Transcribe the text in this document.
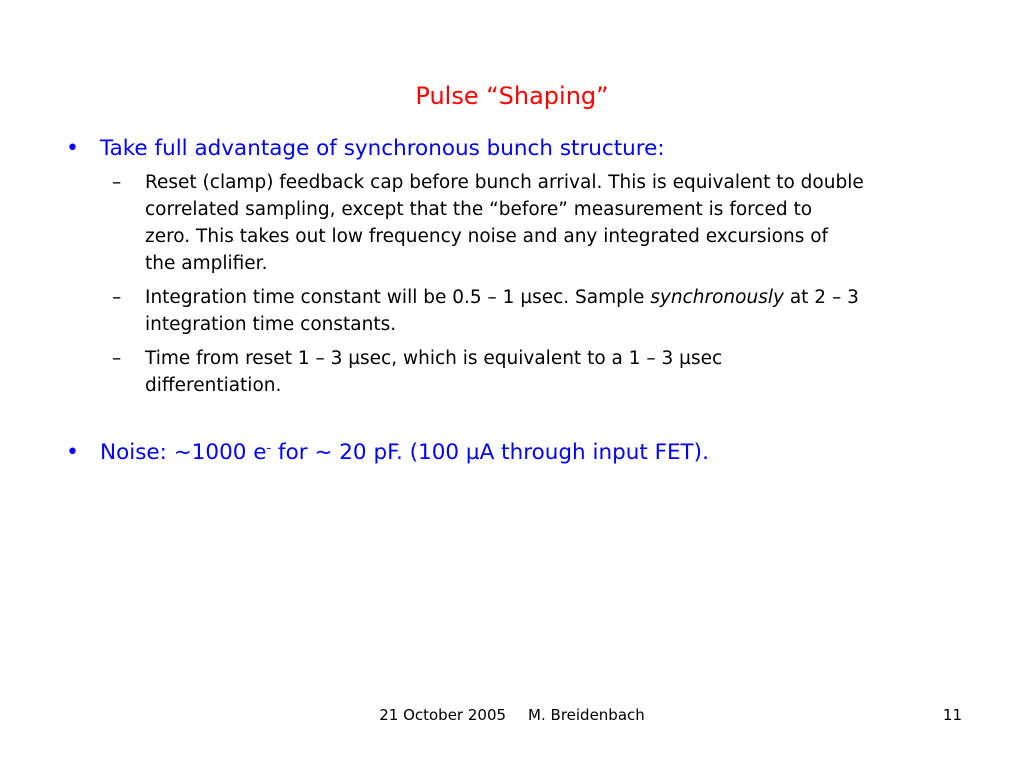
Pulse “Shaping”
• Take full advantage of synchronous bunch structure:
– Reset (clamp) feedback cap before bunch arrival. This is equivalent to double
correlated sampling, except that the “before” measurement is forced to
zero. This takes out low frequency noise and any integrated excursions of
the amplifier.
– Integration time constant will be 0.5 – 1 µsec. Sample synchronously at 2 – 3
integration time constants.
– Time from reset 1 – 3 µsec, which is equivalent to a 1 – 3 µsec
differentiation.
• Noise: ~1000 e- for ~ 20 pF. (100 µA through input FET).
21 October 2005 M. Breidenbach	11
